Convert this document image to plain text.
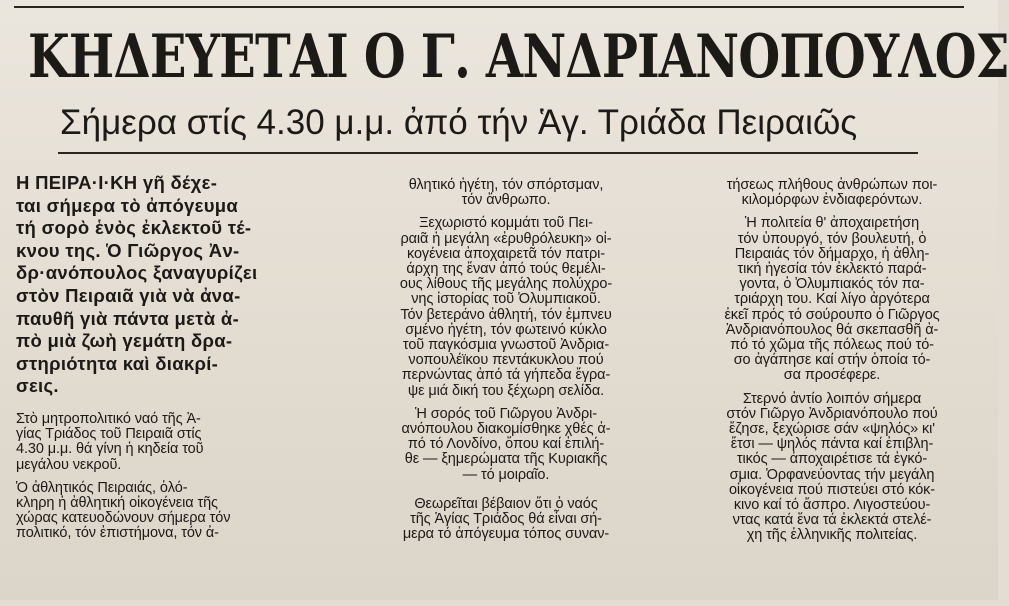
ΚΗΔΕΥΕΤΑΙ Ο Γ. ΑΝΔΡΙΑΝΟΠΟΥΛΟΣ
Σήμερα στίς 4.30 μ.μ. ἀπό τήν Ἁγ. Τριάδα Πειραιῶς

Η ΠΕΙΡΑ·Ι·ΚΗ γῆ δέχε-

ται σήμερα τὸ ἀπόγευμα

τή σορὸ ἑνὸς ἐκλεκτοῦ τέ-

κνου της. Ὁ Γιῶργος Ἀν-

δρ·ανόπουλος ξαναγυρίζει

στὸν Πειραιᾶ γιὰ νὰ ἀνα-

παυθῆ γιὰ πάντα μετὰ ἀ-

πὸ μιὰ ζωὴ γεμάτη δρα-

στηριότητα καὶ διακρί-

σεις.

Στὸ μητροπολιτικό ναό τῆς Ἀ-

γίας Τριάδος τοῦ Πειραιᾶ στίς

4.30 μ.μ. θά γίνη ἡ κηδεία τοῦ

μεγάλου νεκροῦ.

Ὁ ἀθλητικός Πειραιάς, ὁλό-

κληρη ἡ ἀθλητική οἰκογένεια τῆς

χώρας κατευοδώνουν σήμερα τόν

πολιτικό, τόν ἐπιστήμονα, τόν ἀ-

θλητικό ἡγέτη, τόν σπόρτσμαν,

τόν ἄνθρωπο.

Ξεχωριστό κομμάτι τοῦ Πει-

ραιᾶ ἡ μεγάλη «ἐρυθρόλευκη» οἰ-

κογένεια ἀποχαιρετᾶ τόν πατρι-

άρχη της ἕναν ἀπό τούς θεμέλι-

ους λίθους τῆς μεγάλης πολύχρο-

νης ἱστορίας τοῦ Ὀλυμπιακοῦ.

Τόν βετεράνο ἀθλητή, τόν ἐμπνευ

σμένο ἡγέτη, τόν φωτεινό κύκλο

τοῦ παγκόσμια γνωστοῦ Ἀνδρια-

νοπουλέϊκου πεντάκυκλου πού

περνώντας ἀπό τά γήπεδα ἔγρα-

ψε μιά δική του ξέχωρη σελίδα.

Ἡ σορός τοῦ Γιῶργου Ἀνδρι-

ανόπουλου διακομίσθηκε χθές ἀ-

πό τό Λονδίνο, ὅπου καί ἐπιλή-

θε — ξημερώματα τῆς Κυριακῆς

— τό μοιραῖο.

Θεωρεῖται βέβαιον ὅτι ὁ ναός

τῆς Ἁγίας Τριάδος θά εἶναι σή-

μερα τό ἀπόγευμα τόπος συναν-

τήσεως πλήθους ἀνθρώπων ποι-

κιλομόρφων ἐνδιαφερόντων.

Ἡ πολιτεία θ' ἀποχαιρετήση

τόν ὑπουργό, τόν βουλευτή, ὁ

Πειραιάς τόν δήμαρχο, ἡ ἀθλη-

τική ἡγεσία τόν ἐκλεκτό παρά-

γοντα, ὁ Ὀλυμπιακός τόν πα-

τριάρχη του. Καί λίγο ἀργότερα

ἐκεῖ πρός τό σούρουπο ὁ Γιῶργος

Ἀνδριανόπουλος θά σκεπασθῆ ἀ-

πό τό χῶμα τῆς πόλεως πού τό-

σο ἀγάπησε καί στήν ὁποία τό-

σα προσέφερε.

Στερνό ἀντίο λοιπόν σήμερα

στόν Γιῶργο Ἀνδριανόπουλο πού

ἔζησε, ξεχώρισε σάν «ψηλός» κι'

ἔτσι — ψηλός πάντα καί ἐπιβλη-

τικός — ἀποχαιρέτισε τά ἐγκό-

σμια. Ὀρφανεύοντας τήν μεγάλη

οἰκογένεια πού πιστεύει στό κόκ-

κινο καί τό ἄσπρο. Λιγοστεύου-

ντας κατά ἕνα τά ἐκλεκτά στελέ-

χη τῆς ἑλληνικῆς πολιτείας.
